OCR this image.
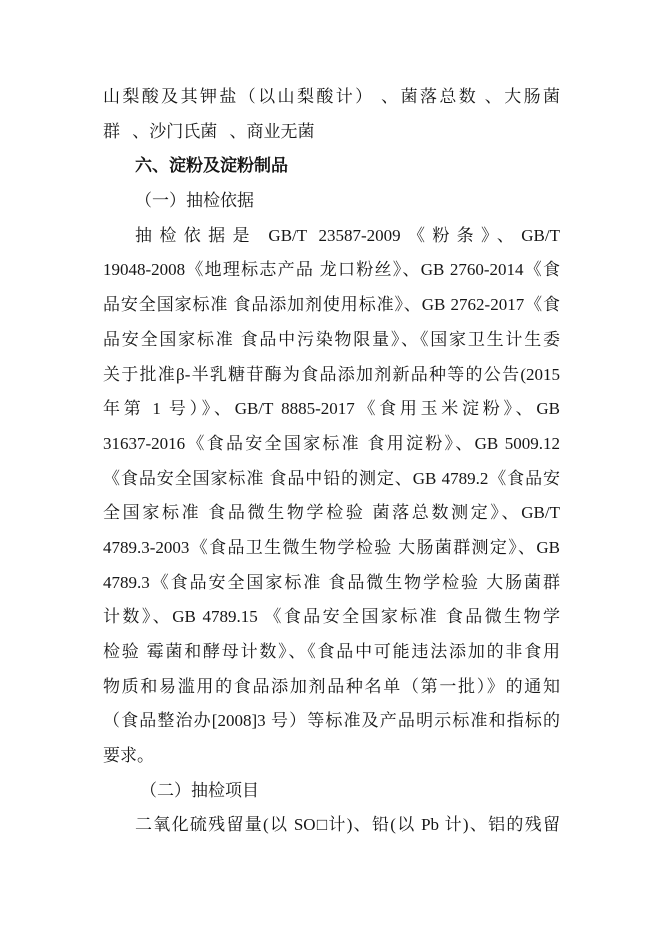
山梨酸及其钾盐（以山梨酸计） 、菌落总数 、大肠菌
群 、沙门氏菌 、商业无菌
六、淀粉及淀粉制品
（一）抽检依据
抽检依据是 GB/T 23587-2009《粉条》、GB/T
19048-2008《地理标志产品 龙口粉丝》、GB 2760-2014《食
品安全国家标准 食品添加剂使用标准》、GB 2762-2017《食
品安全国家标准 食品中污染物限量》、《国家卫生计生委
关于批准β-半乳糖苷酶为食品添加剂新品种等的公告(2015
年第 1 号）》、GB/T 8885-2017《食用玉米淀粉》、GB
31637-2016《食品安全国家标准 食用淀粉》、GB 5009.12
《食品安全国家标准 食品中铅的测定、GB 4789.2《食品安
全国家标准 食品微生物学检验 菌落总数测定》、GB/T
4789.3-2003《食品卫生微生物学检验 大肠菌群测定》、GB
4789.3《食品安全国家标准 食品微生物学检验 大肠菌群
计数》、GB 4789.15 《食品安全国家标准 食品微生物学
检验 霉菌和酵母计数》、《食品中可能违法添加的非食用
物质和易滥用的食品添加剂品种名单（第一批）》的通知
（食品整治办[2008]3 号）等标准及产品明示标准和指标的
要求。
（二）抽检项目
二氧化硫残留量(以 SO□计)、铅(以 Pb 计)、铝的残留
